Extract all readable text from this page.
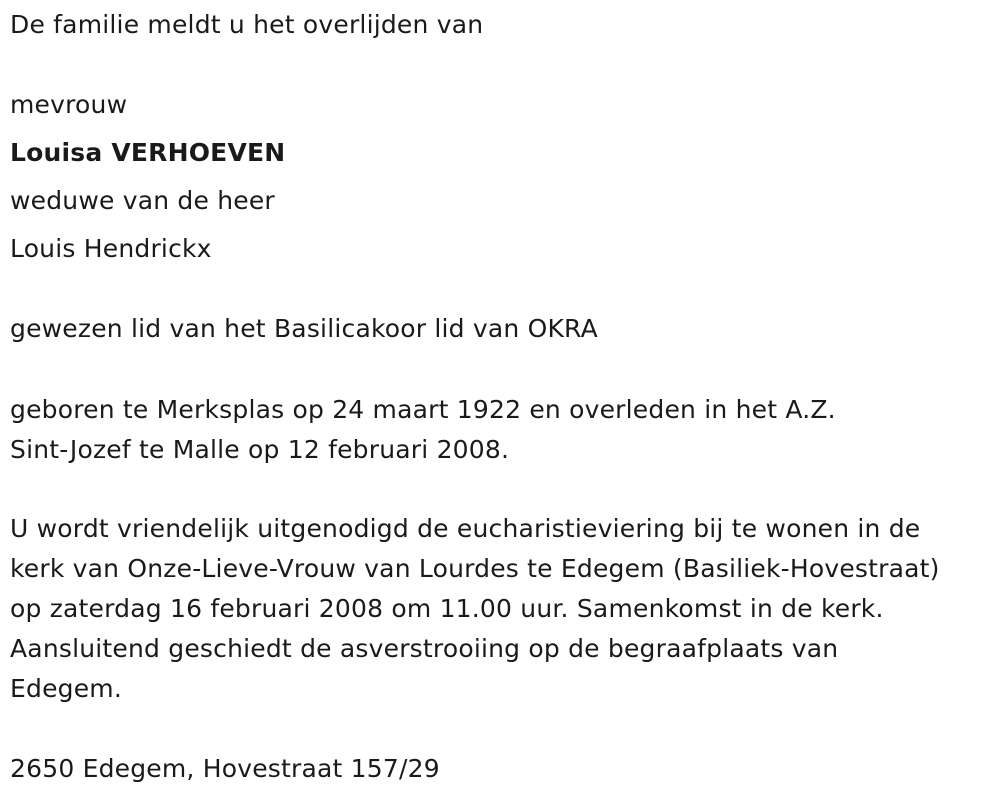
De familie meldt u het overlijden van
mevrouw
Louisa VERHOEVEN
weduwe van de heer
Louis Hendrickx
gewezen lid van het Basilicakoor lid van OKRA
geboren te Merksplas op 24 maart 1922 en overleden in het A.Z.
Sint-Jozef te Malle op 12 februari 2008.
U wordt vriendelijk uitgenodigd de eucharistieviering bij te wonen in de
kerk van Onze-Lieve-Vrouw van Lourdes te Edegem (Basiliek-Hovestraat)
op zaterdag 16 februari 2008 om 11.00 uur. Samenkomst in de kerk.
Aansluitend geschiedt de asverstrooiing op de begraafplaats van
Edegem.
2650 Edegem, Hovestraat 157/29
